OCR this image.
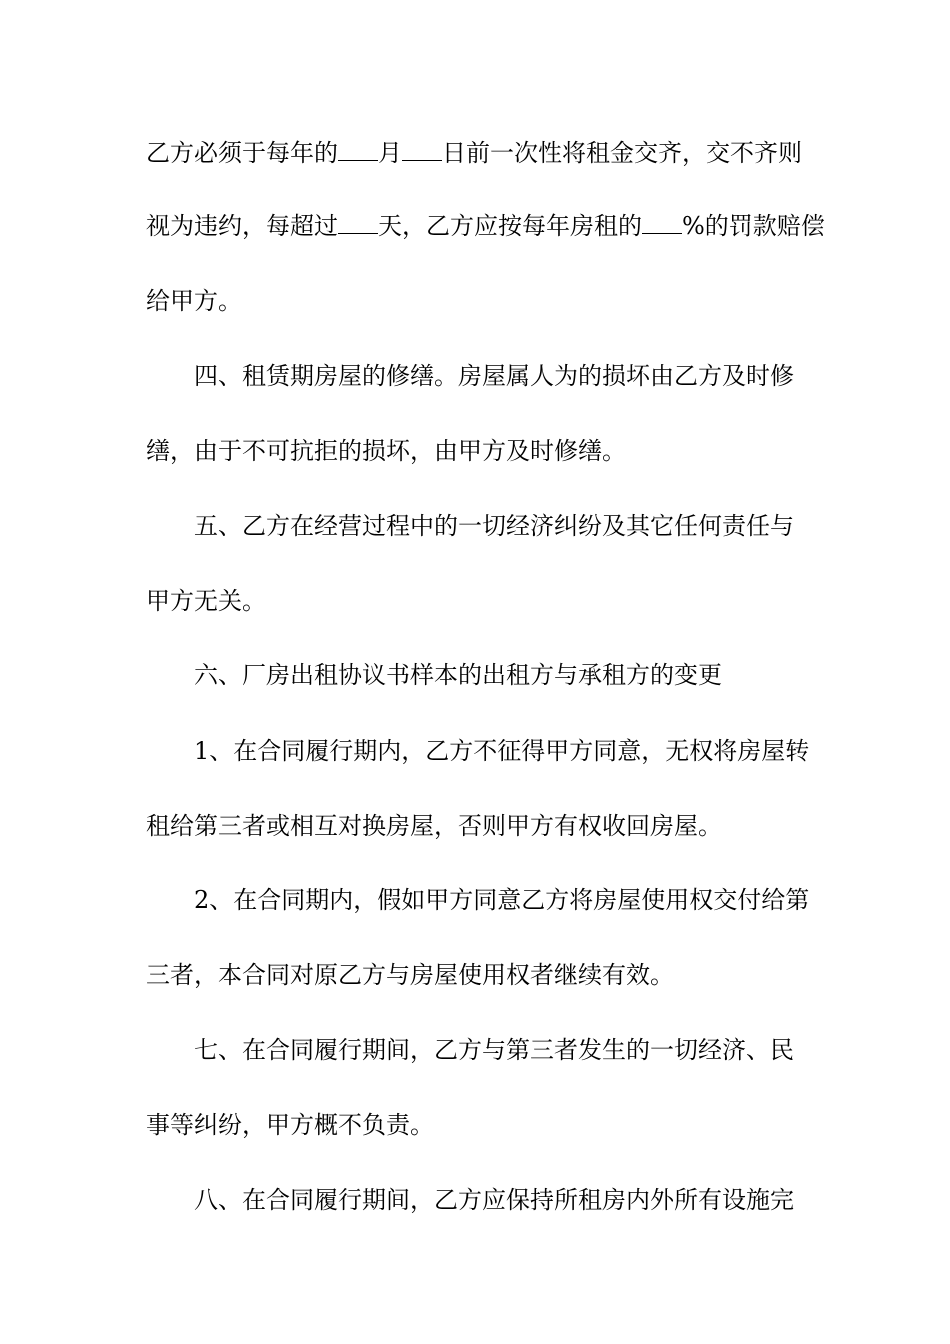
乙方必须于每年的 月 日前一次性将租金交齐，交不齐则
视为违约，每超过 天，乙方应按每年房租的 %的罚款赔偿
给甲方。
四、租赁期房屋的修缮。房屋属人为的损坏由乙方及时修
缮，由于不可抗拒的损坏，由甲方及时修缮。
五、乙方在经营过程中的一切经济纠纷及其它任何责任与
甲方无关。
六、厂房出租协议书样本的出租方与承租方的变更
1、在合同履行期内，乙方不征得甲方同意，无权将房屋转
租给第三者或相互对换房屋，否则甲方有权收回房屋。
2、在合同期内，假如甲方同意乙方将房屋使用权交付给第
三者，本合同对原乙方与房屋使用权者继续有效。
七、在合同履行期间，乙方与第三者发生的一切经济、民
事等纠纷，甲方概不负责。
八、在合同履行期间，乙方应保持所租房内外所有设施完
